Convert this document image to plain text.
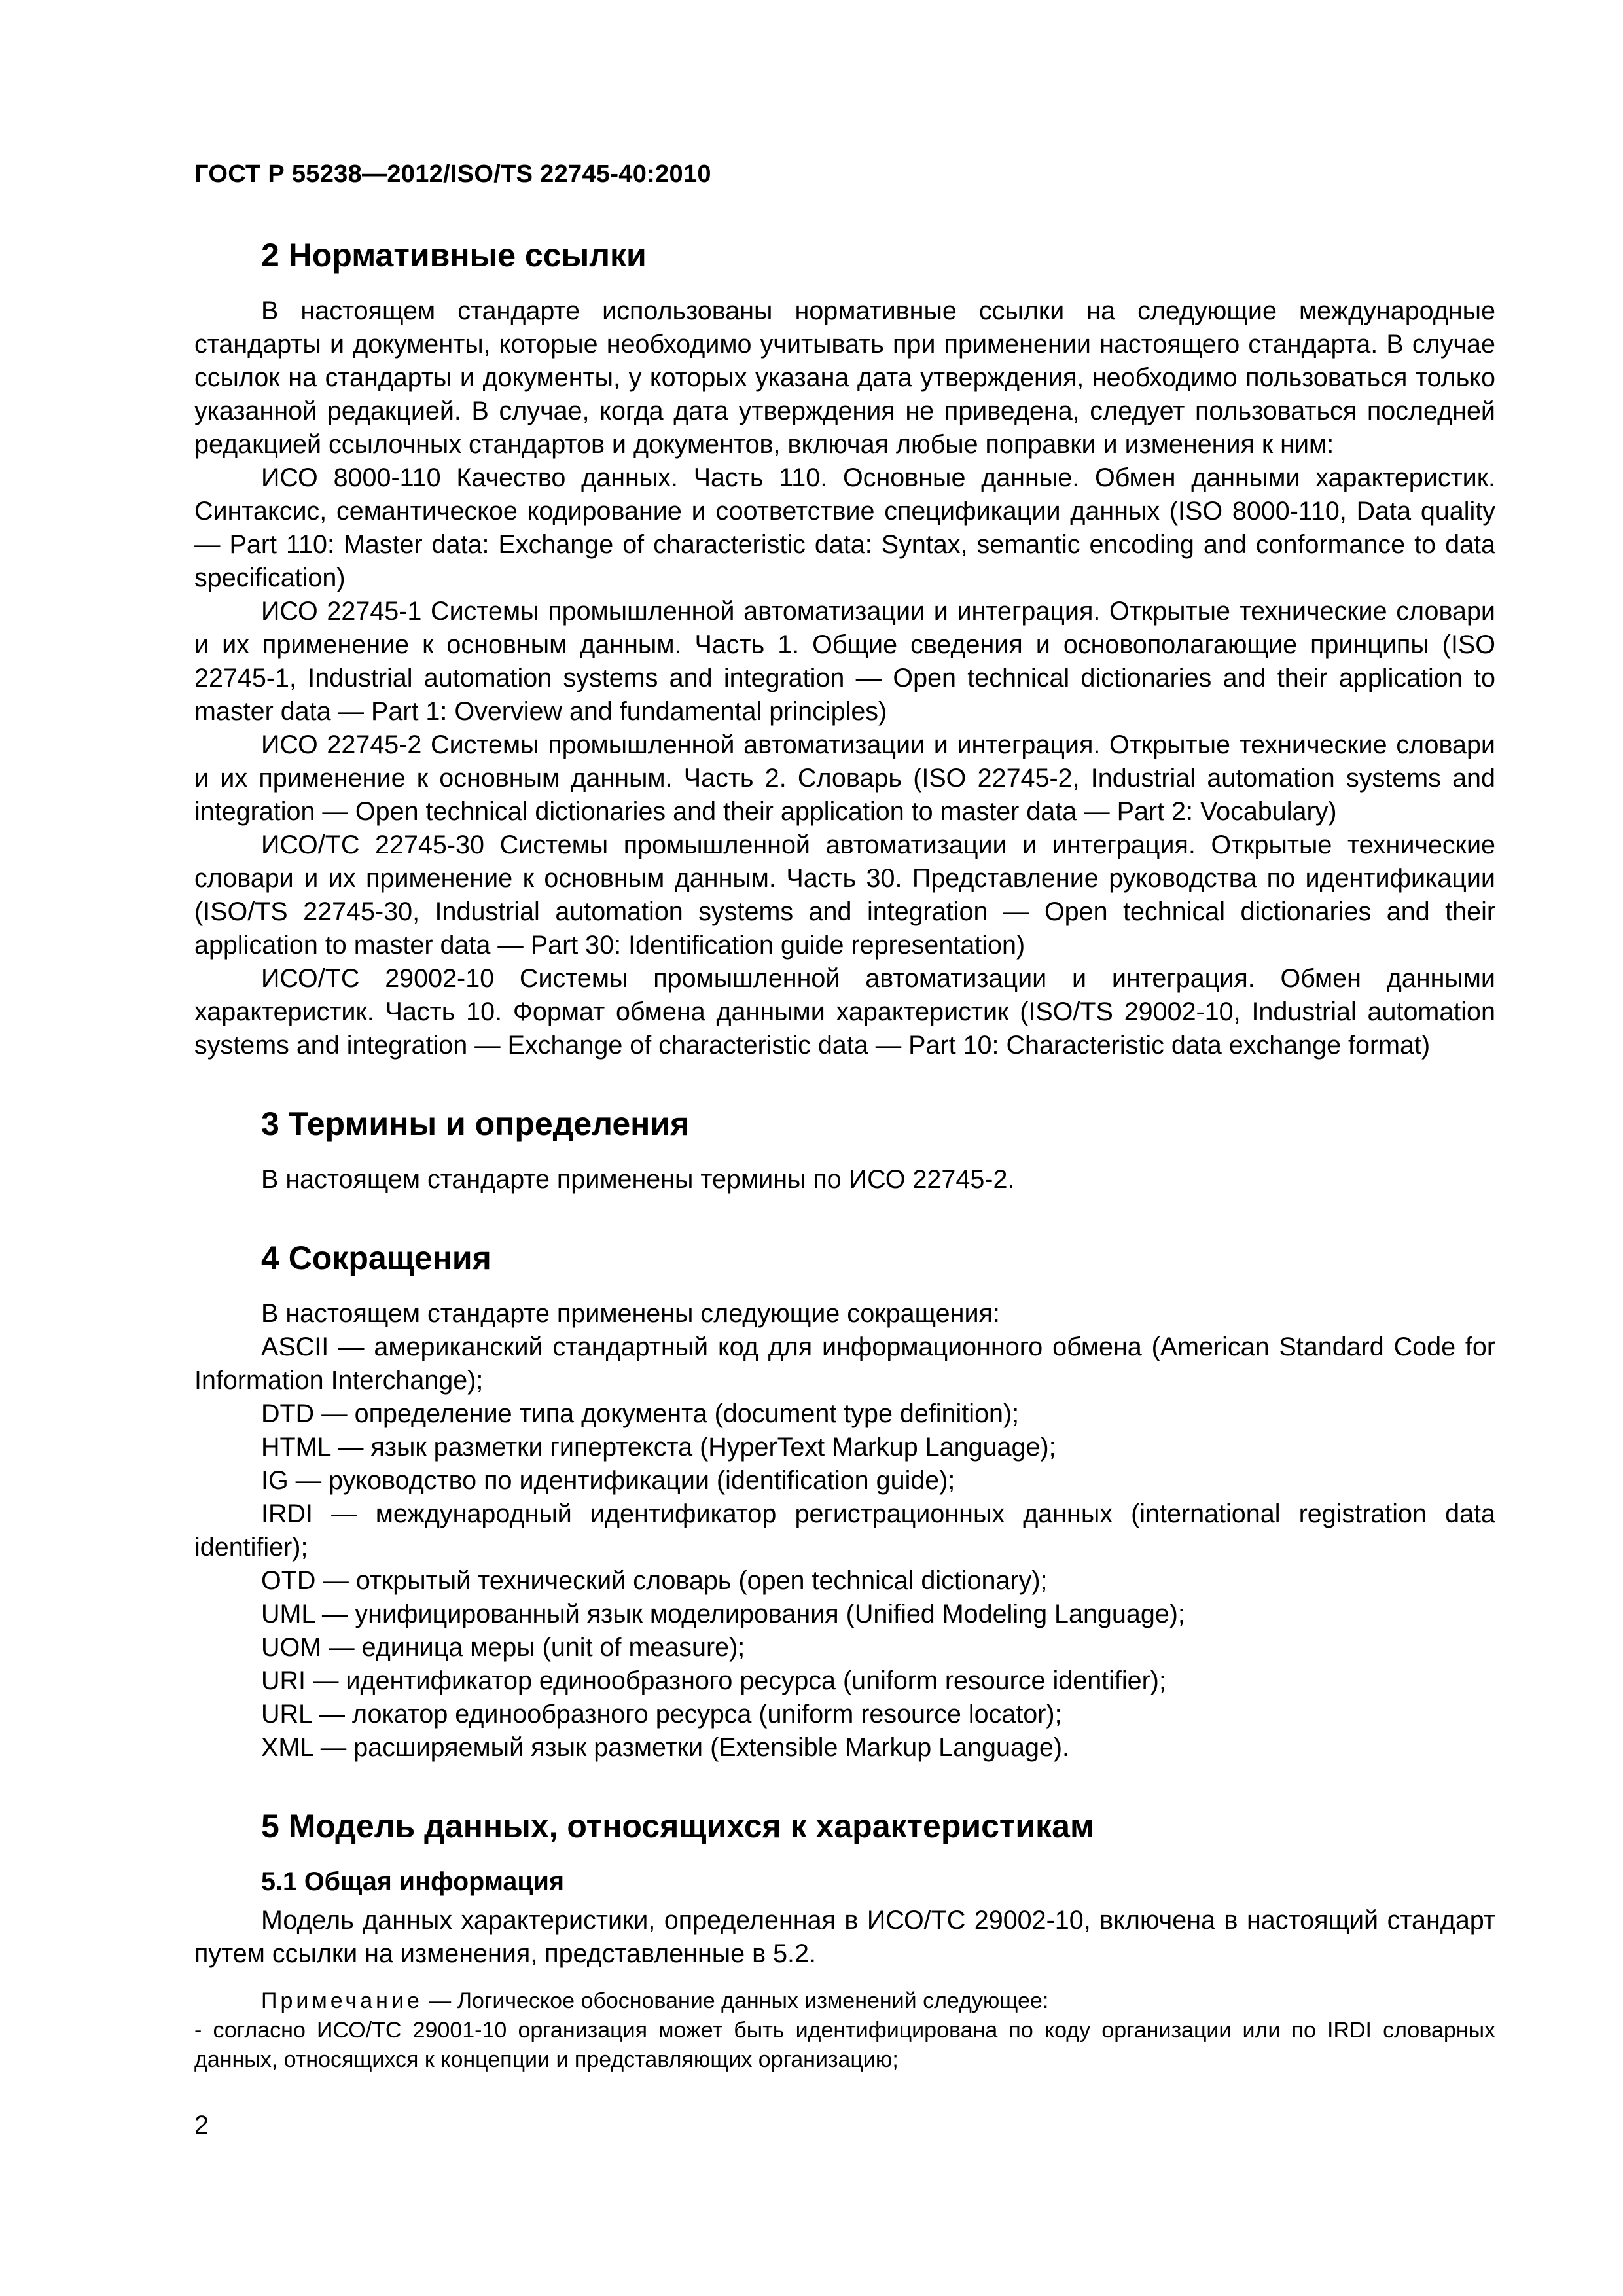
ГОСТ Р 55238—2012/ISO/TS 22745-40:2010
2 Нормативные ссылки

В настоящем стандарте использованы нормативные ссылки на следующие международные стандарты и документы, которые необходимо учитывать при применении настоящего стандарта. В случае ссылок на стандарты и документы, у которых указана дата утверждения, необходимо пользоваться только указанной редакцией. В случае, когда дата утверждения не приведена, следует пользоваться последней редакцией ссылочных стандартов и документов, включая любые поправки и изменения к ним:

ИСО 8000-110 Качество данных. Часть 110. Основные данные. Обмен данными характеристик. Синтаксис, семантическое кодирование и соответствие спецификации данных (ISO 8000-110, Data quality — Part 110: Master data: Exchange of characteristic data: Syntax, semantic encoding and conformance to data specification)

ИСО 22745-1 Системы промышленной автоматизации и интеграция. Открытые технические словари и их применение к основным данным. Часть 1. Общие сведения и основополагающие принципы (ISO 22745-1, Industrial automation systems and integration — Open technical dictionaries and their application to master data — Part 1: Overview and fundamental principles)

ИСО 22745-2 Системы промышленной автоматизации и интеграция. Открытые технические словари и их применение к основным данным. Часть 2. Словарь (ISO 22745-2, Industrial automation systems and integration — Open technical dictionaries and their application to master data — Part 2: Vocabulary)

ИСО/ТС 22745-30 Системы промышленной автоматизации и интеграция. Открытые технические словари и их применение к основным данным. Часть 30. Представление руководства по идентификации (ISO/TS 22745-30, Industrial automation systems and integration — Open technical dictionaries and their application to master data — Part 30: Identification guide representation)

ИСО/ТС 29002-10 Системы промышленной автоматизации и интеграция. Обмен данными характеристик. Часть 10. Формат обмена данными характеристик (ISO/TS 29002-10, Industrial automation systems and integration — Exchange of characteristic data — Part 10: Characteristic data exchange format)

3 Термины и определения

В настоящем стандарте применены термины по ИСО 22745-2.

4 Сокращения

В настоящем стандарте применены следующие сокращения:

ASCII — американский стандартный код для информационного обмена (American Standard Code for Information Interchange);

DTD — определение типа документа (document type definition);

HTML — язык разметки гипертекста (HyperText Markup Language);

IG — руководство по идентификации (identification guide);

IRDI — международный идентификатор регистрационных данных (international registration data identifier);

OTD — открытый технический словарь (open technical dictionary);

UML — унифицированный язык моделирования (Unified Modeling Language);

UOM — единица меры (unit of measure);

URI — идентификатор единообразного ресурса (uniform resource identifier);

URL — локатор единообразного ресурса (uniform resource locator);

XML — расширяемый язык разметки (Extensible Markup Language).

5 Модель данных, относящихся к характеристикам
5.1 Общая информация

Модель данных характеристики, определенная в ИСО/ТС 29002-10, включена в настоящий стандарт путем ссылки на изменения, представленные в 5.2.

Примечание — Логическое обоснование данных изменений следующее:

- согласно ИСО/ТС 29001-10 организация может быть идентифицирована по коду организации или по IRDI словарных данных, относящихся к концепции и представляющих организацию;

2
